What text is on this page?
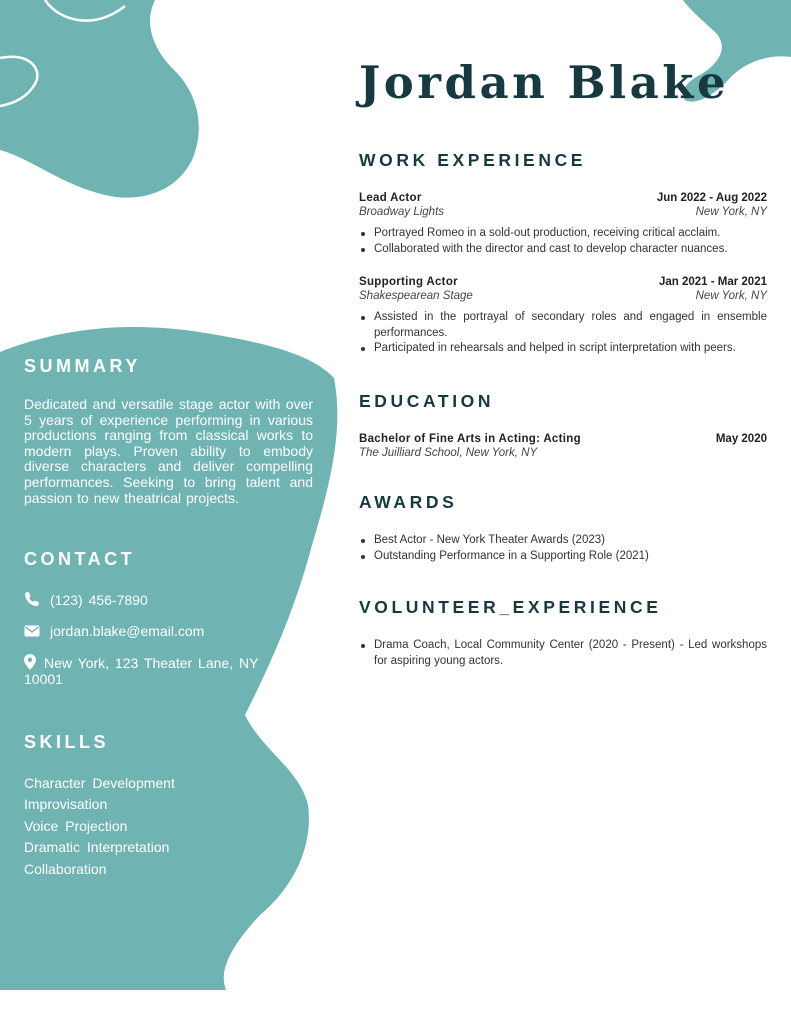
SUMMARY
Dedicated and versatile stage actor with over 5 years of experience performing in various productions ranging from classical works to modern plays. Proven ability to embody diverse characters and deliver compelling performances. Seeking to bring talent and passion to new theatrical projects.
CONTACT
(123) 456-7890
jordan.blake@email.com
New York, 123 Theater Lane, NY 10001
SKILLS
Character Development
Improvisation
Voice Projection
Dramatic Interpretation
Collaboration
Jordan Blake
WORK EXPERIENCE
Lead Actor	Jun 2022 - Aug 2022
Broadway Lights	New York, NY
Portrayed Romeo in a sold-out production, receiving critical acclaim.
Collaborated with the director and cast to develop character nuances.
Supporting Actor	Jan 2021 - Mar 2021
Shakespearean Stage	New York, NY
Assisted in the portrayal of secondary roles and engaged in ensemble performances.
Participated in rehearsals and helped in script interpretation with peers.
EDUCATION
Bachelor of Fine Arts in Acting: Acting	May 2020
The Juilliard School, New York, NY
AWARDS
Best Actor - New York Theater Awards (2023)
Outstanding Performance in a Supporting Role (2021)
VOLUNTEER_EXPERIENCE
Drama Coach, Local Community Center (2020 - Present) - Led workshops for aspiring young actors.
